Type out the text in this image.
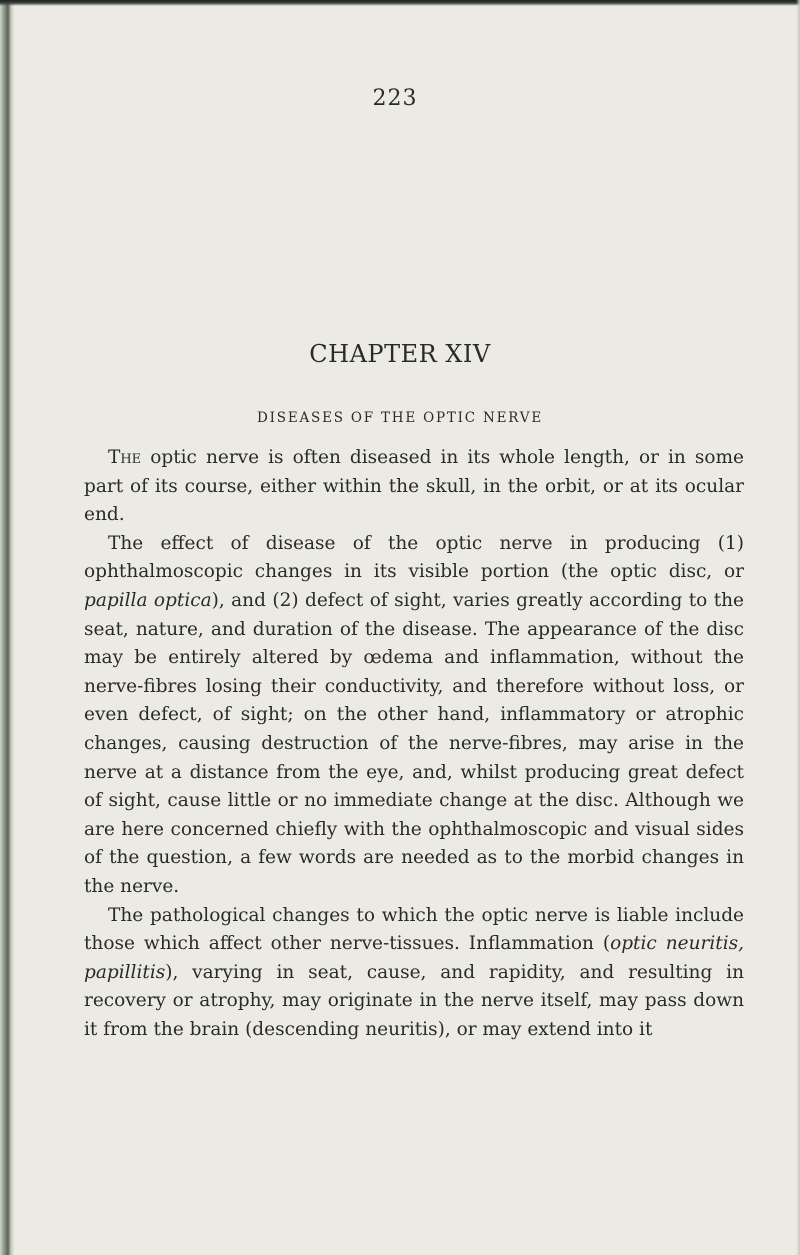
223
CHAPTER XIV
DISEASES OF THE OPTIC NERVE

The optic nerve is often diseased in its whole length, or in some part of its course, either within the skull, in the orbit, or at its ocular end.

The effect of disease of the optic nerve in producing (1) ophthalmoscopic changes in its visible portion (the optic disc, or papilla optica), and (2) defect of sight, varies greatly according to the seat, nature, and duration of the disease. The appearance of the disc may be entirely altered by œdema and inflammation, without the nerve-fibres losing their conductivity, and therefore without loss, or even defect, of sight; on the other hand, inflammatory or atrophic changes, causing destruction of the nerve-fibres, may arise in the nerve at a distance from the eye, and, whilst producing great defect of sight, cause little or no immediate change at the disc. Although we are here concerned chiefly with the ophthalmoscopic and visual sides of the question, a few words are needed as to the morbid changes in the nerve.

The pathological changes to which the optic nerve is liable include those which affect other nerve-tissues. Inflammation (optic neuritis, papillitis), varying in seat, cause, and rapidity, and resulting in recovery or atrophy, may originate in the nerve itself, may pass down it from the brain (descending neuritis), or may extend into it
